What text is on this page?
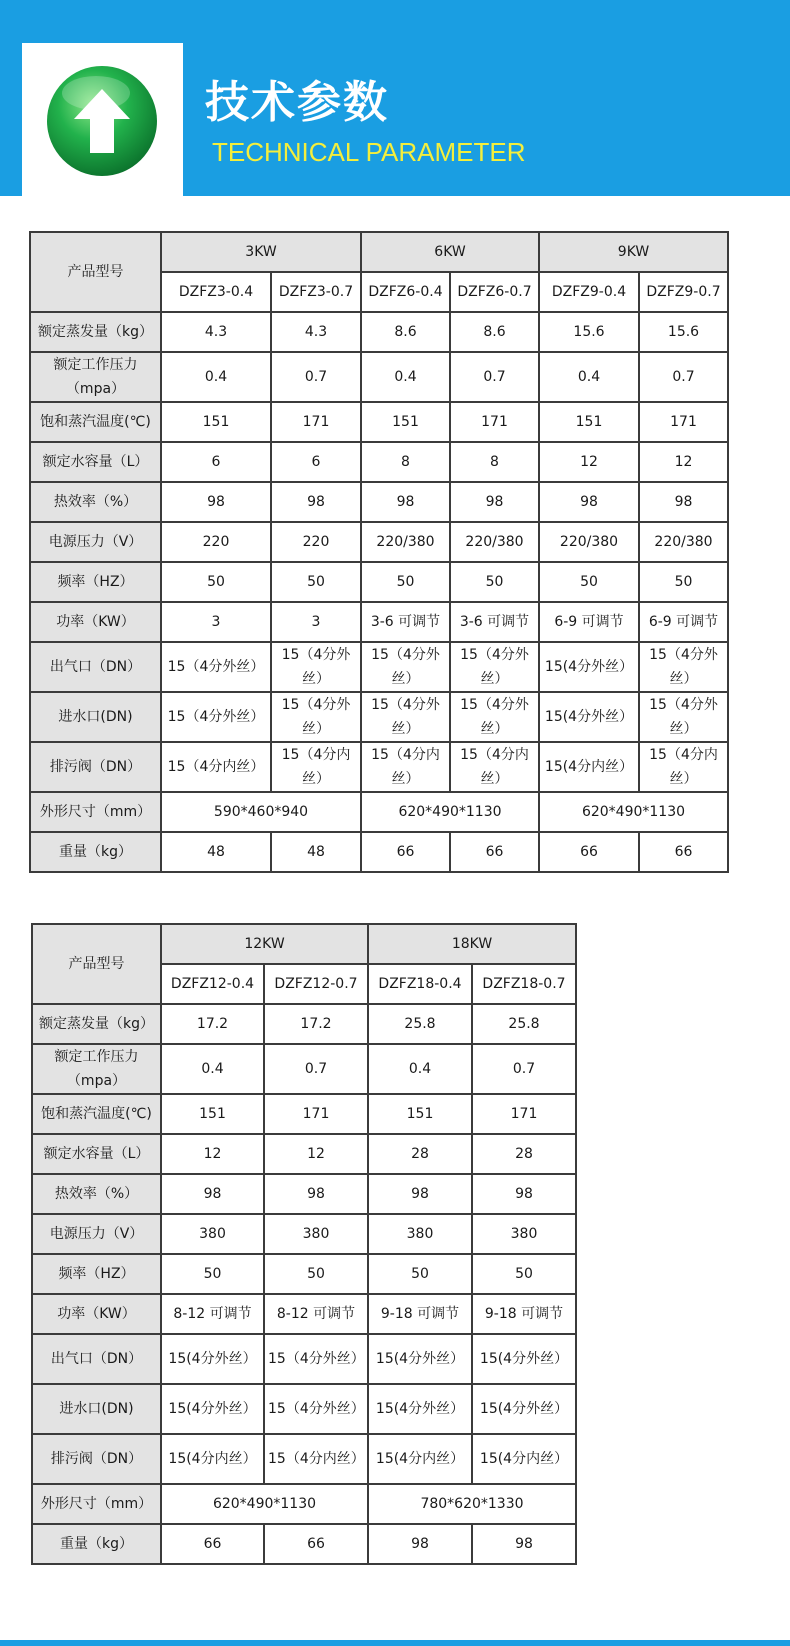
技术参数
TECHNICAL PARAMETER
产品型号	3KW		6KW		9KW	
	DZFZ3-0.4	DZFZ3-0.7	DZFZ6-0.4	DZFZ6-0.7	DZFZ9-0.4	DZFZ9-0.7
额定蒸发量（kg）	4.3	4.3	8.6	8.6	15.6	15.6
额定工作压力（mpa）	0.4	0.7	0.4	0.7	0.4	0.7
饱和蒸汽温度(℃)	151	171	151	171	151	171
额定水容量（L）	6	6	8	8	12	12
热效率（%）	98	98	98	98	98	98
电源压力（V）	220	220	220/380	220/380	220/380	220/380
频率（HZ）	50	50	50	50	50	50
功率（KW）	3	3	3-6 可调节	3-6 可调节	6-9 可调节	6-9 可调节
出气口（DN）	15（4分外丝）	15（4分外丝）	15（4分外丝）	15（4分外丝）	15(4分外丝）	15（4分外丝）
进水口(DN)	15（4分外丝）	15（4分外丝）	15（4分外丝）	15（4分外丝）	15(4分外丝）	15（4分外丝）
排污阀（DN）	15（4分内丝）	15（4分内丝）	15（4分内丝）	15（4分内丝）	15(4分内丝）	15（4分内丝）
外形尺寸（mm）	590*460*940		620*490*1130		620*490*1130	
重量（kg）	48	48	66	66	66	66
产品型号	12KW		18KW	
	DZFZ12-0.4	DZFZ12-0.7	DZFZ18-0.4	DZFZ18-0.7
额定蒸发量（kg）	17.2	17.2	25.8	25.8
额定工作压力（mpa）	0.4	0.7	0.4	0.7
饱和蒸汽温度(℃)	151	171	151	171
额定水容量（L）	12	12	28	28
热效率（%）	98	98	98	98
电源压力（V）	380	380	380	380
频率（HZ）	50	50	50	50
功率（KW）	8-12 可调节	8-12 可调节	9-18 可调节	9-18 可调节
出气口（DN）	15(4分外丝）	15（4分外丝）	15(4分外丝）	15(4分外丝）
进水口(DN)	15(4分外丝）	15（4分外丝）	15(4分外丝）	15(4分外丝）
排污阀（DN）	15(4分内丝）	15（4分内丝）	15(4分内丝）	15(4分内丝）
外形尺寸（mm）	620*490*1130		780*620*1330	
重量（kg）	66	66	98	98
